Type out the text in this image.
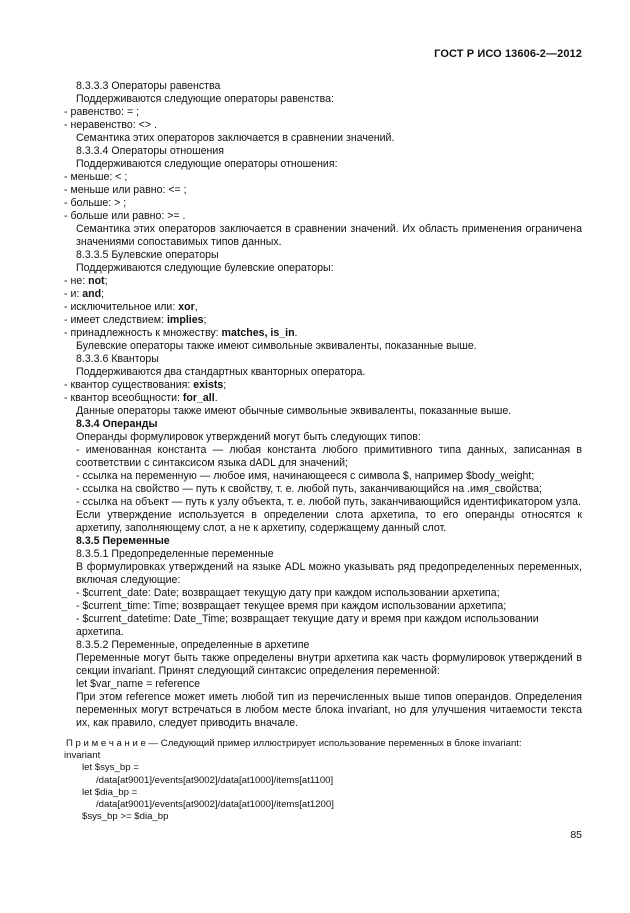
ГОСТ Р ИСО 13606-2—2012
8.3.3.3 Операторы равенства
Поддерживаются следующие операторы равенства:
- равенство: = ;
- неравенство: <> .
Семантика этих операторов заключается в сравнении значений.
8.3.3.4 Операторы отношения
Поддерживаются следующие операторы отношения:
- меньше: < ;
- меньше или равно: <= ;
- больше: > ;
- больше или равно: >= .
Семантика этих операторов заключается в сравнении значений. Их область применения ограничена значениями сопоставимых типов данных.
8.3.3.5 Булевские операторы
Поддерживаются следующие булевские операторы:
- не: not;
- и: and;
- исключительное или: xor,
- имеет следствием: implies;
- принадлежность к множеству: matches, is_in.
Булевские операторы также имеют символьные эквиваленты, показанные выше.
8.3.3.6 Кванторы
Поддерживаются два стандартных кванторных оператора.
- квантор существования: exists;
- квантор всеобщности: for_all.
Данные операторы также имеют обычные символьные эквиваленты, показанные выше.
8.3.4 Операнды
Операнды формулировок утверждений могут быть следующих типов:
- именованная константа — любая константа любого примитивного типа данных, записанная в соответствии с синтаксисом языка dADL для значений;
- ссылка на переменную — любое имя, начинающееся с символа $, например $body_weight;
- ссылка на свойство — путь к свойству, т. е. любой путь, заканчивающийся на .имя_свойства;
- ссылка на объект — путь к узлу объекта, т. е. любой путь, заканчивающийся идентификатором узла.
Если утверждение используется в определении слота архетипа, то его операнды относятся к архетипу, заполняющему слот, а не к архетипу, содержащему данный слот.
8.3.5 Переменные
8.3.5.1 Предопределенные переменные
В формулировках утверждений на языке ADL можно указывать ряд предопределенных переменных, включая следующие:
- $current_date: Date; возвращает текущую дату при каждом использовании архетипа;
- $current_time: Time; возвращает текущее время при каждом использовании архетипа;
- $current_datetime: Date_Time; возвращает текущие дату и время при каждом использовании архетипа.
8.3.5.2 Переменные, определенные в архетипе
Переменные могут быть также определены внутри архетипа как часть формулировок утверждений в секции invariant. Принят следующий синтаксис определения переменной:
let $var_name = reference
При этом reference может иметь любой тип из перечисленных выше типов операндов. Определения переменных могут встречаться в любом месте блока invariant, но для улучшения читаемости текста их, как правило, следует приводить вначале.
П р и м е ч а н и е — Следующий пример иллюстрирует использование переменных в блоке invariant:
invariant
let $sys_bp =
/data[at9001]/events[at9002]/data[at1000]/items[at1100]
let $dia_bp =
/data[at9001]/events[at9002]/data[at1000]/items[at1200]
$sys_bp >= $dia_bp
85
